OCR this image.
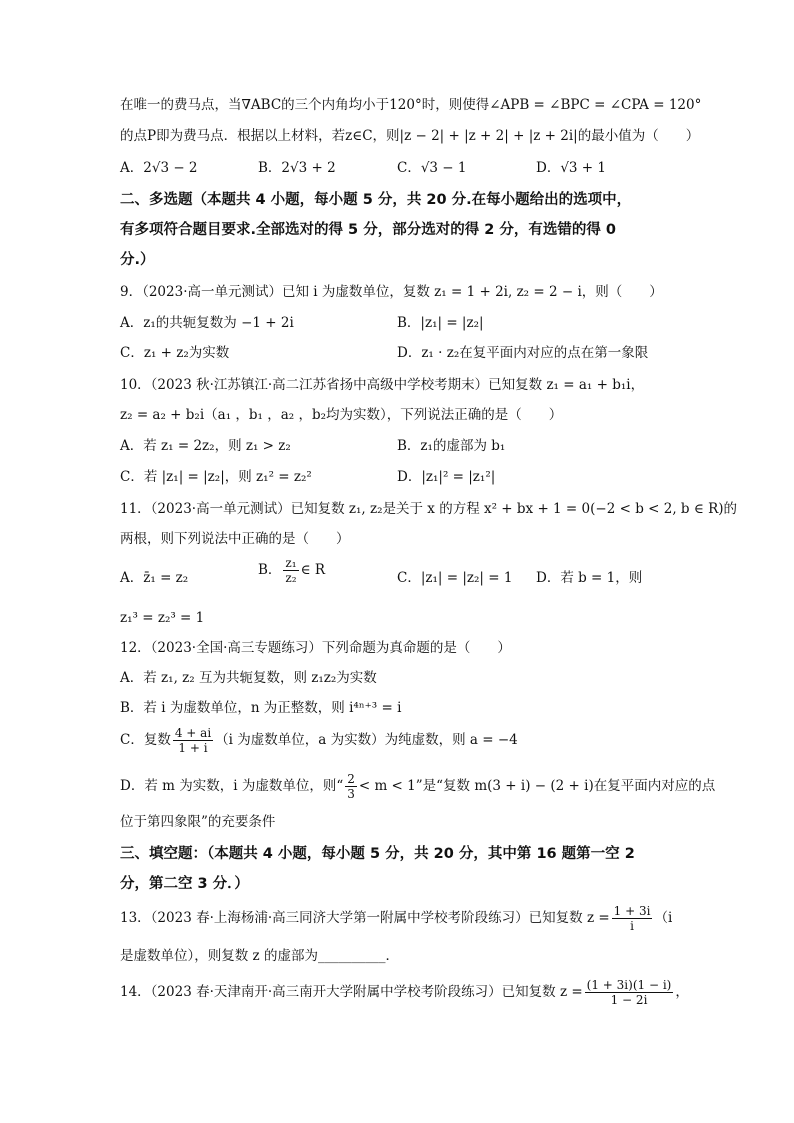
在唯一的费马点，当∇ABC的三个内角均小于120°时，则使得∠APB = ∠BPC = ∠CPA = 120°
的点P即为费马点．根据以上材料，若z∈C，则|z − 2| + |z + 2| + |z + 2i|的最小值为（　　）
A．2√3 − 2	B．2√3 + 2	C．√3 − 1	D．√3 + 1
二、多选题（本题共 4 小题，每小题 5 分，共 20 分.在每小题给出的选项中，
有多项符合题目要求.全部选对的得 5 分，部分选对的得 2 分，有选错的得 0
分.）
9．（2023·高一单元测试）已知 i 为虚数单位，复数 z₁ = 1 + 2i, z₂ = 2 − i，则（　　）
A．z₁的共轭复数为 −1 + 2i	B．|z₁| = |z₂|
C．z₁ + z₂为实数	D．z₁ · z₂在复平面内对应的点在第一象限
10．（2023 秋·江苏镇江·高二江苏省扬中高级中学校考期末）已知复数 z₁ = a₁ + b₁i，
z₂ = a₂ + b₂i（a₁ ，b₁ ，a₂ ，b₂均为实数），下列说法正确的是（　　）
A．若 z₁ = 2z₂，则 z₁ > z₂	B．z₁的虚部为 b₁
C．若 |z₁| = |z₂|，则 z₁² = z₂²	D．|z₁|² = |z₁²|
11．（2023·高一单元测试）已知复数 z₁, z₂是关于 x 的方程 x² + bx + 1 = 0(−2 < b < 2, b ∈ R)的
两根，则下列说法中正确的是（　　）
A．z̄₁ = z₂	B． $\frac{\text{z₁}}{\text{z₂}}$ ∈ R	C．|z₁| = |z₂| = 1 D．若 b = 1，则
z₁³ = z₂³ = 1
12．（2023·全国·高三专题练习）下列命题为真命题的是（　　）
A．若 z₁, z₂ 互为共轭复数，则 z₁z₂为实数
B．若 i 为虚数单位，n 为正整数，则 i⁴ⁿ⁺³ = i
C．复数 $\frac{4 + ai}{1 + i} (i$ 为虚数单位，a 为实数）为纯虚数，则 a = −4
D．若 m 为实数，i 为虚数单位，则“ $\frac{2}{3} < m < 1$”是“复数 m(3 + i) − (2 + i)在复平面内对应的点
位于第四象限”的充要条件
三、填空题：（本题共 4 小题，每小题 5 分，共 20 分，其中第 16 题第一空 2
分，第二空 3 分．）
13．（2023 春·上海杨浦·高三同济大学第一附属中学校考阶段练习）已知复数 $z = \frac{1 + 3i}{i} (i$
是虚数单位），则复数 z 的虚部为__________．
14．（2023 春·天津南开·高三南开大学附属中学校考阶段练习）已知复数 $z = \frac{(1 + 3i)(1 - i)}{1 - 2i}$ ，
